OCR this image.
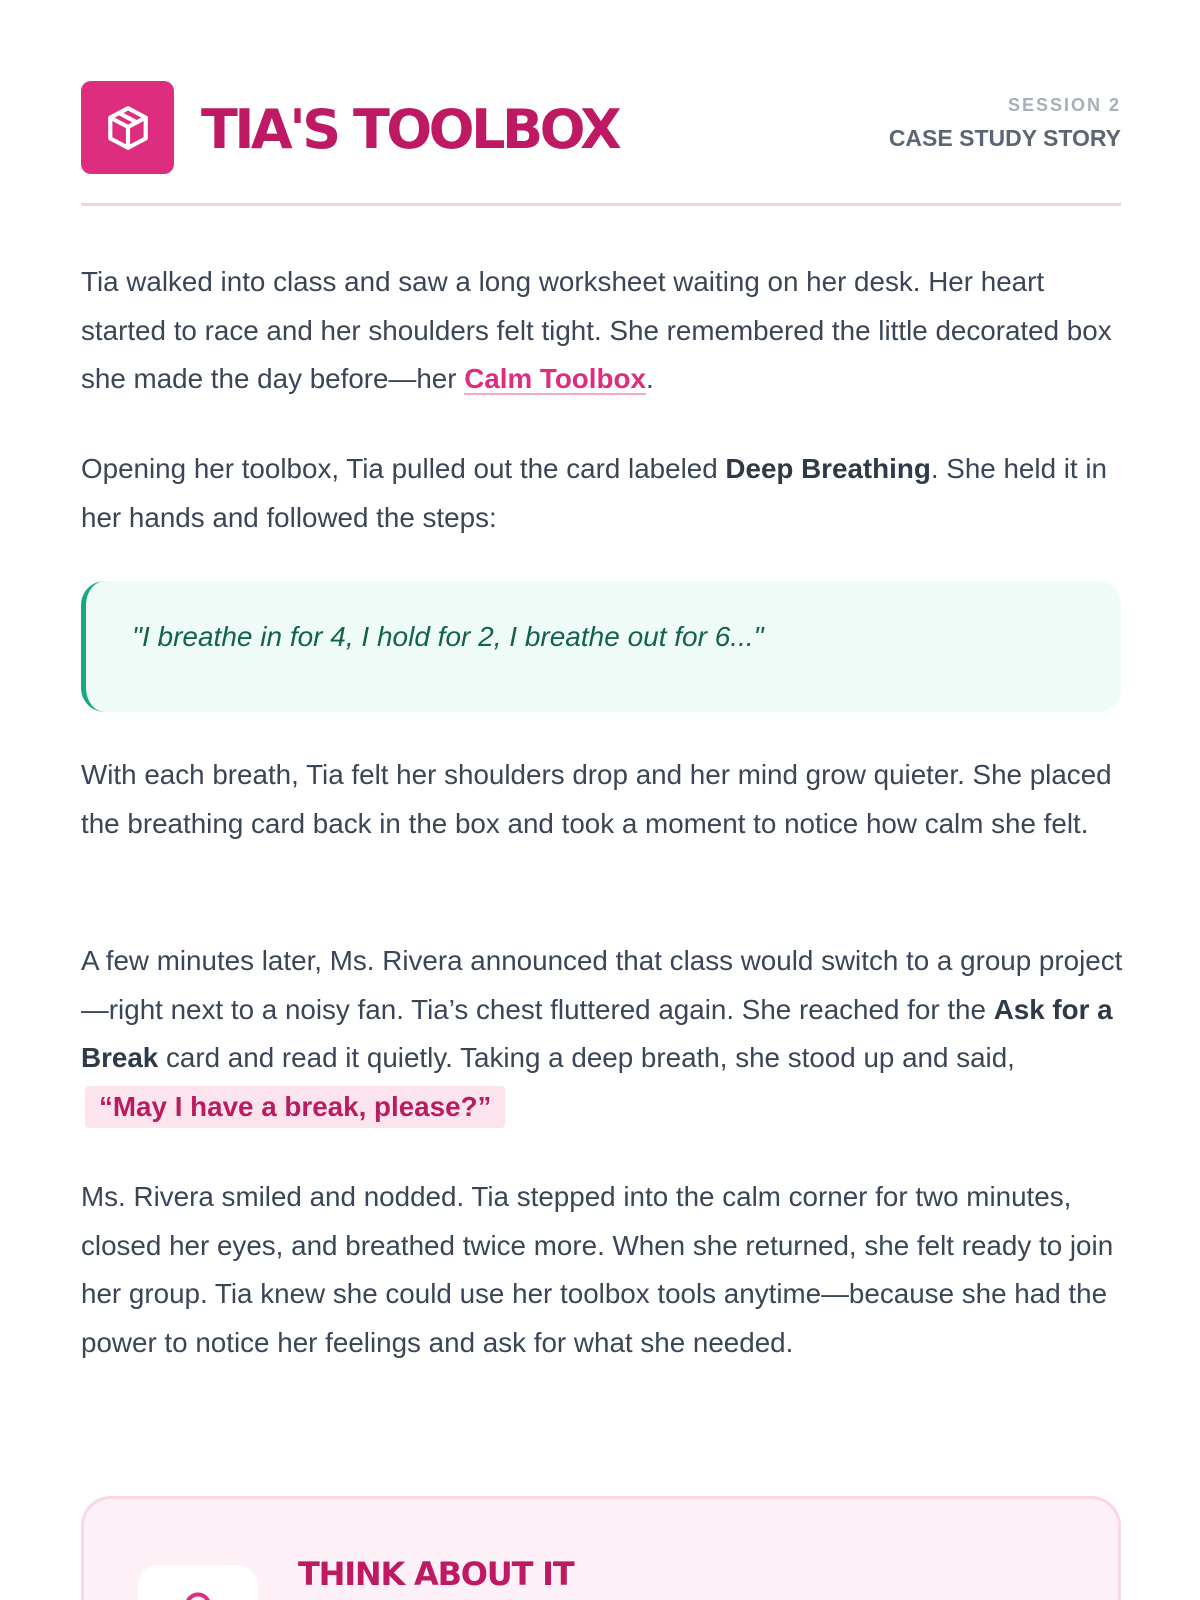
TIA'S TOOLBOX	SESSION 2
CASE STUDY STORY

Tia walked into class and saw a long worksheet waiting on her desk. Her heart started to race and her shoulders felt tight. She remembered the little decorated box she made the day before—her Calm Toolbox.

Opening her toolbox, Tia pulled out the card labeled Deep Breathing. She held it in her hands and followed the steps:

With each breath, Tia felt her shoulders drop and her mind grow quieter. She placed the breathing card back in the box and took a moment to notice how calm she felt.

A few minutes later, Ms. Rivera announced that class would switch to a group project—right next to a noisy fan. Tia’s chest fluttered again. She reached for the Ask for a Break card and read it quietly. Taking a deep breath, she stood up and said, “May I have a break, please?”

Ms. Rivera smiled and nodded. Tia stepped into the calm corner for two minutes, closed her eyes, and breathed twice more. When she returned, she felt ready to join her group. Tia knew she could use her toolbox tools anytime—because she had the power to notice her feelings and ask for what she needed.

"I breathe in for 4, I hold for 2, I breathe out for 6..."
THINK ABOUT IT
